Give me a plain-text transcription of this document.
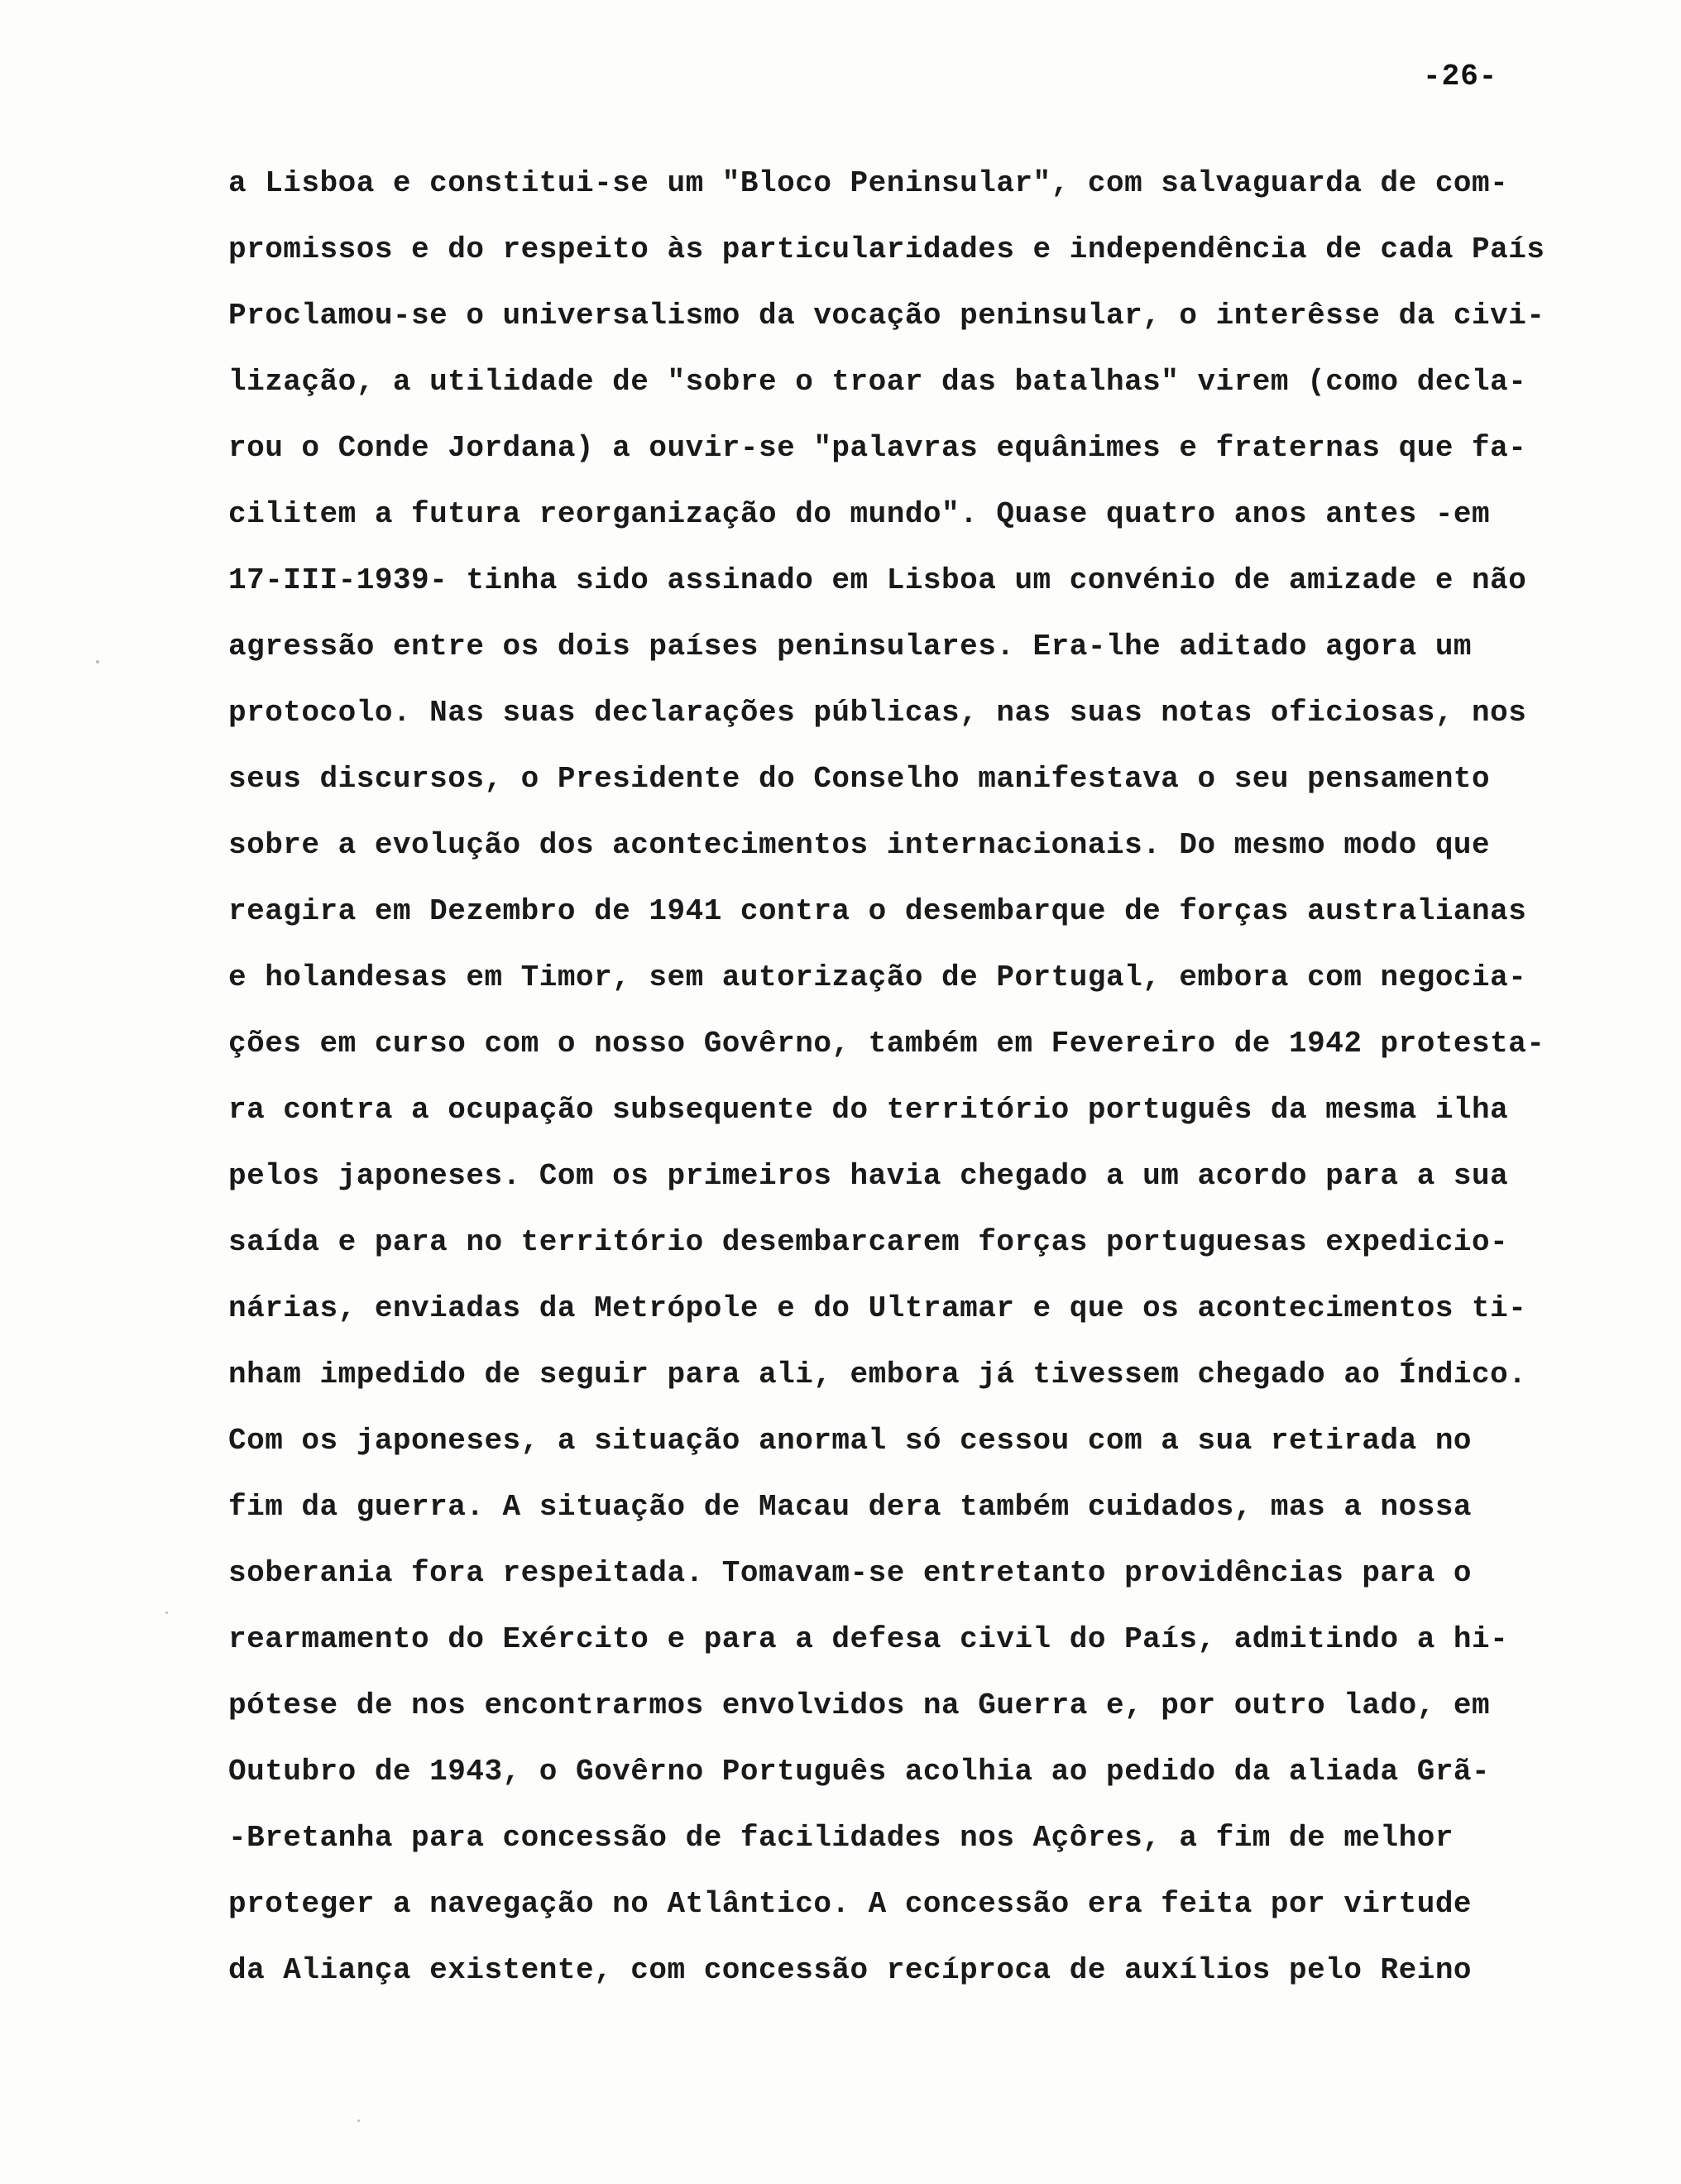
-26-
a Lisboa e constitui-se um "Bloco Peninsular", com salvaguarda de com-
promissos e do respeito às particularidades e independência de cada País
Proclamou-se o universalismo da vocação peninsular, o interêsse da civi-
lização, a utilidade de "sobre o troar das batalhas" virem (como decla-
rou o Conde Jordana) a ouvir-se "palavras equânimes e fraternas que fa-
cilitem a futura reorganização do mundo". Quase quatro anos antes -em
17-III-1939- tinha sido assinado em Lisboa um convénio de amizade e não
agressão entre os dois países peninsulares. Era-lhe aditado agora um
protocolo. Nas suas declarações públicas, nas suas notas oficiosas, nos
seus discursos, o Presidente do Conselho manifestava o seu pensamento
sobre a evolução dos acontecimentos internacionais. Do mesmo modo que
reagira em Dezembro de 1941 contra o desembarque de forças australianas
e holandesas em Timor, sem autorização de Portugal, embora com negocia-
ções em curso com o nosso Govêrno, também em Fevereiro de 1942 protesta-
ra contra a ocupação subsequente do território português da mesma ilha
pelos japoneses. Com os primeiros havia chegado a um acordo para a sua
saída e para no território desembarcarem forças portuguesas expedicio-
nárias, enviadas da Metrópole e do Ultramar e que os acontecimentos ti-
nham impedido de seguir para ali, embora já tivessem chegado ao Índico.
Com os japoneses, a situação anormal só cessou com a sua retirada no
fim da guerra. A situação de Macau dera também cuidados, mas a nossa
soberania fora respeitada. Tomavam-se entretanto providências para o
rearmamento do Exército e para a defesa civil do País, admitindo a hi-
pótese de nos encontrarmos envolvidos na Guerra e, por outro lado, em
Outubro de 1943, o Govêrno Português acolhia ao pedido da aliada Grã-
-Bretanha para concessão de facilidades nos Açôres, a fim de melhor
proteger a navegação no Atlântico. A concessão era feita por virtude
da Aliança existente, com concessão recíproca de auxílios pelo Reino
